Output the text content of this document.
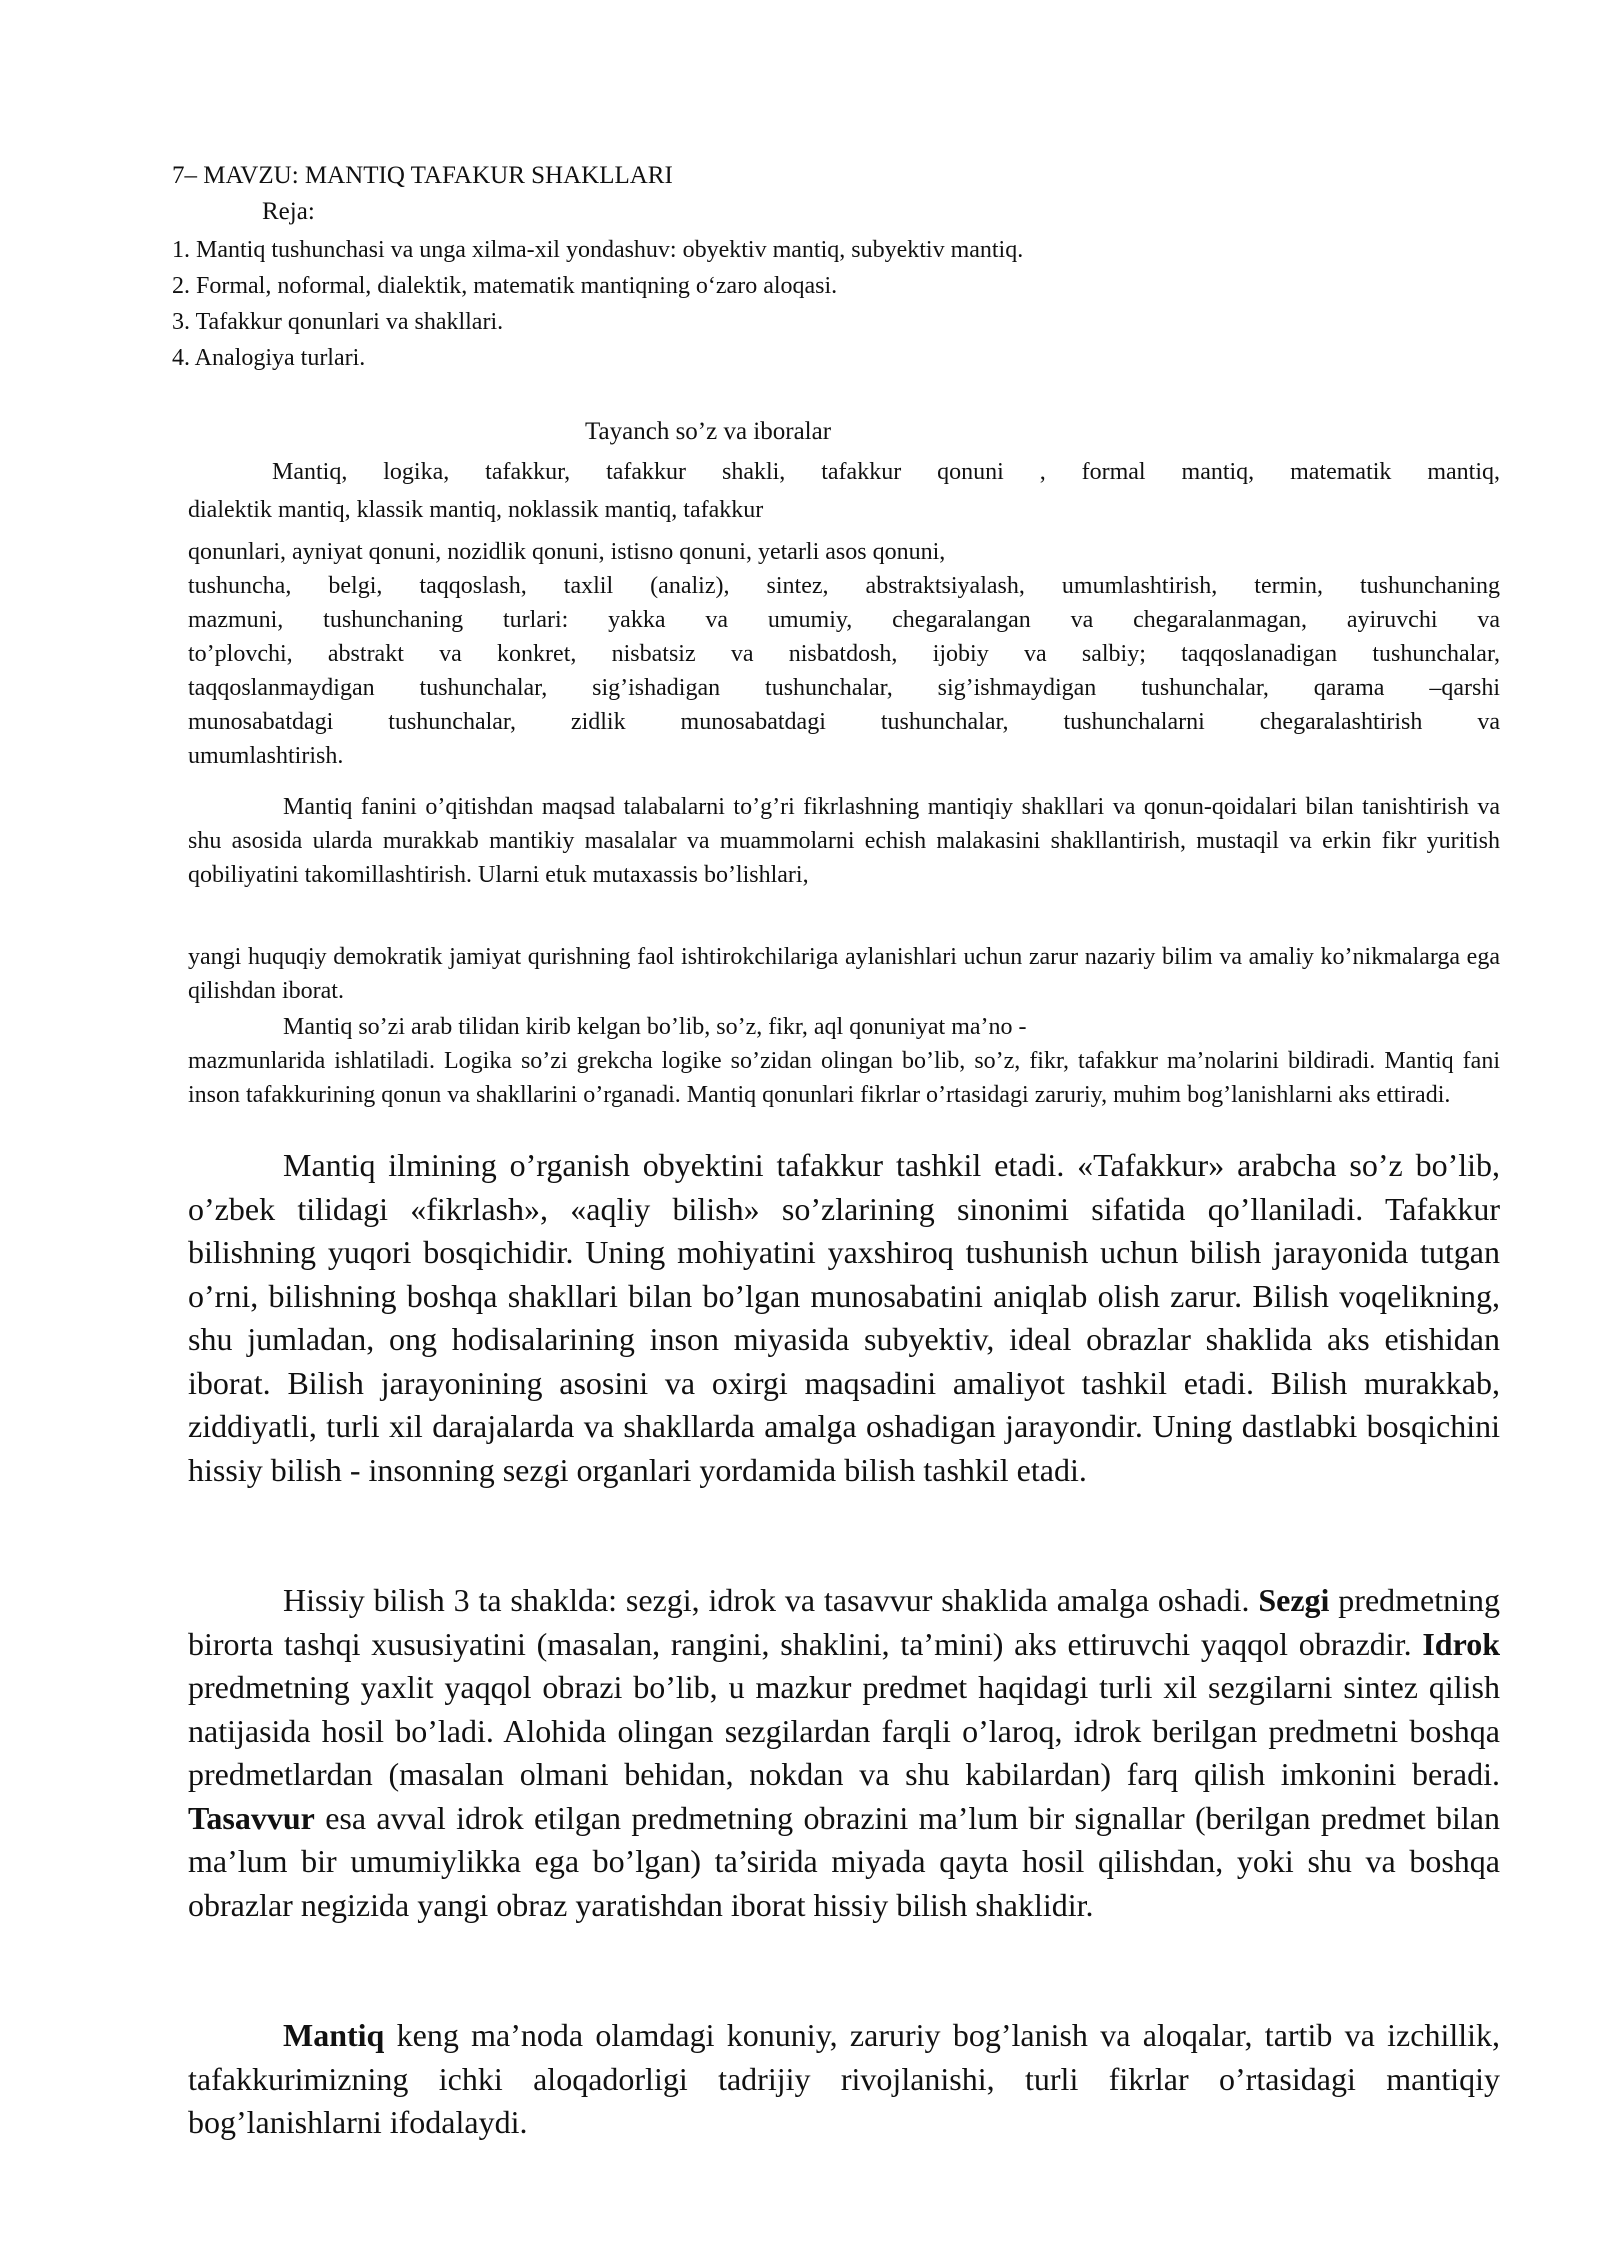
7– MAVZU: MANTIQ TAFAKUR SHAKLLARI
Reja:
1. Mantiq tushunchasi va unga xilma-xil yondashuv: obyektiv mantiq, subyektiv mantiq.
2. Formal, noformal, dialektik, matematik mantiqning o‘zaro aloqasi.
3. Tafakkur qonunlari va shakllari.
4. Analogiya turlari.
Tayanch so’z va iboralar
Mantiq, logika, tafakkur, tafakkur shakli, tafakkur qonuni , formal mantiq, matematik mantiq,
dialektik mantiq, klassik mantiq, noklassik mantiq, tafakkur
qonunlari, ayniyat qonuni, nozidlik qonuni, istisno qonuni, yetarli asos qonuni,
tushuncha, belgi, taqqoslash, taxlil (analiz), sintez, abstraktsiyalash, umumlashtirish, termin, tushunchaning
mazmuni, tushunchaning turlari: yakka va umumiy, chegaralangan va chegaralanmagan, ayiruvchi va
to’plovchi, abstrakt va konkret, nisbatsiz va nisbatdosh, ijobiy va salbiy; taqqoslanadigan tushunchalar,
taqqoslanmaydigan tushunchalar, sig’ishadigan tushunchalar, sig’ishmaydigan tushunchalar, qarama –qarshi
munosabatdagi tushunchalar, zidlik munosabatdagi tushunchalar, tushunchalarni chegaralashtirish va
umumlashtirish.
Mantiq fanini o’qitishdan maqsad talabalarni to’g’ri fikrlashning mantiqiy shakllari va qonun-qoidalari bilan tanishtirish va shu asosida ularda murakkab mantikiy masalalar va muammolarni echish malakasini shakllantirish, mustaqil va erkin fikr yuritish qobiliyatini takomillashtirish. Ularni etuk mutaxassis bo’lishlari,
yangi huquqiy demokratik jamiyat qurishning faol ishtirokchilariga aylanishlari uchun zarur nazariy bilim va amaliy ko’nikmalarga ega qilishdan iborat.
Mantiq so’zi arab tilidan kirib kelgan bo’lib, so’z, fikr, aql qonuniyat ma’no -
mazmunlarida ishlatiladi. Logika so’zi grekcha logike so’zidan olingan bo’lib, so’z, fikr, tafakkur ma’nolarini bildiradi. Mantiq fani inson tafakkurining qonun va shakllarini o’rganadi. Mantiq qonunlari fikrlar o’rtasidagi zaruriy, muhim bog’lanishlarni aks ettiradi.
Mantiq ilmining o’rganish obyektini tafakkur tashkil etadi. «Tafakkur» arabcha so’z bo’lib, o’zbek tilidagi «fikrlash», «aqliy bilish» so’zlarining sinonimi sifatida qo’llaniladi. Tafakkur bilishning yuqori bosqichidir. Uning mohiyatini yaxshiroq tushunish uchun bilish jarayonida tutgan o’rni, bilishning boshqa shakllari bilan bo’lgan munosabatini aniqlab olish zarur. Bilish voqelikning, shu jumladan, ong hodisalarining inson miyasida subyektiv, ideal obrazlar shaklida aks etishidan iborat. Bilish jarayonining asosini va oxirgi maqsadini amaliyot tashkil etadi. Bilish murakkab, ziddiyatli, turli xil darajalarda va shakllarda amalga oshadigan jarayondir. Uning dastlabki bosqichini hissiy bilish - insonning sezgi organlari yordamida bilish tashkil etadi.
Hissiy bilish 3 ta shaklda: sezgi, idrok va tasavvur shaklida amalga oshadi. Sezgi predmetning birorta tashqi xususiyatini (masalan, rangini, shaklini, ta’mini) aks ettiruvchi yaqqol obrazdir. Idrok predmetning yaxlit yaqqol obrazi bo’lib, u mazkur predmet haqidagi turli xil sezgilarni sintez qilish natijasida hosil bo’ladi. Alohida olingan sezgilardan farqli o’laroq, idrok berilgan predmetni boshqa predmetlardan (masalan olmani behidan, nokdan va shu kabilardan) farq qilish imkonini beradi. Tasavvur esa avval idrok etilgan predmetning obrazini ma’lum bir signallar (berilgan predmet bilan ma’lum bir umumiylikka ega bo’lgan) ta’sirida miyada qayta hosil qilishdan, yoki shu va boshqa obrazlar negizida yangi obraz yaratishdan iborat hissiy bilish shaklidir.
Mantiq keng ma’noda olamdagi konuniy, zaruriy bog’lanish va aloqalar, tartib va izchillik, tafakkurimizning ichki aloqadorligi tadrijiy rivojlanishi, turli fikrlar o’rtasidagi mantiqiy bog’lanishlarni ifodalaydi.
